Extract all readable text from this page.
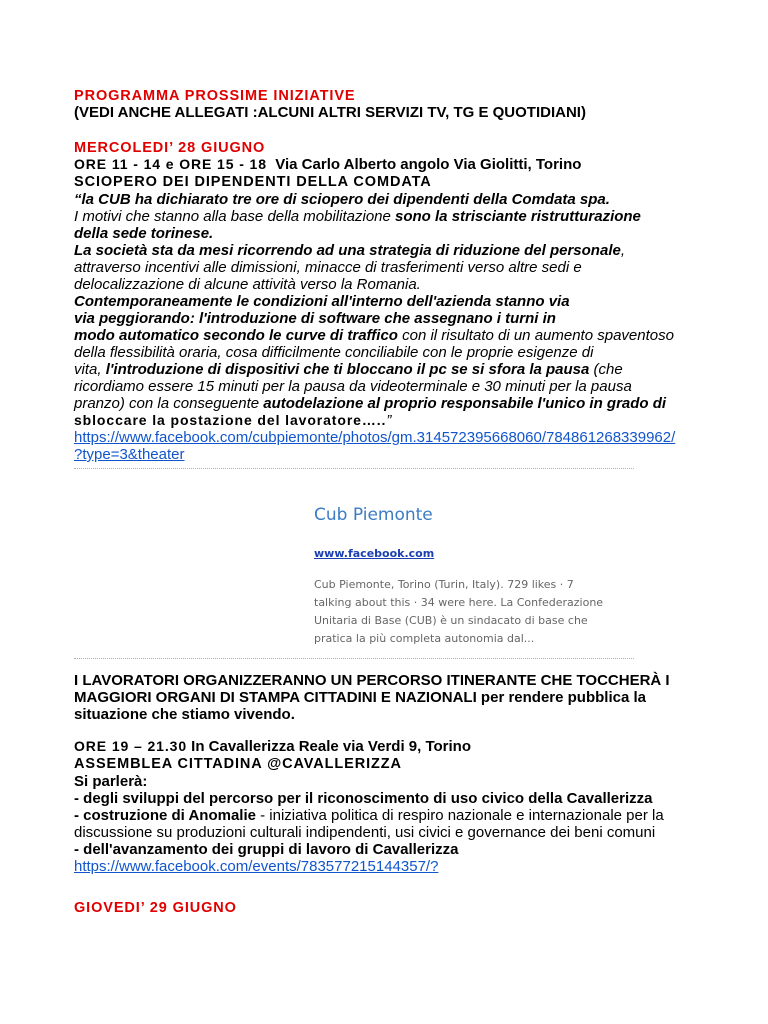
PROGRAMMA PROSSIME INIZIATIVE
(VEDI ANCHE ALLEGATI :ALCUNI ALTRI SERVIZI TV, TG E QUOTIDIANI)
MERCOLEDI’ 28 GIUGNO
ORE 11 - 14 e ORE 15 - 18 Via Carlo Alberto angolo Via Giolitti, Torino
SCIOPERO DEI DIPENDENTI DELLA COMDATA
“la CUB ha dichiarato tre ore di sciopero dei dipendenti della Comdata spa.
I motivi che stanno alla base della mobilitazione sono la strisciante ristrutturazione
della sede torinese.
La società sta da mesi ricorrendo ad una strategia di riduzione del personale,
attraverso incentivi alle dimissioni, minacce di trasferimenti verso altre sedi e
delocalizzazione di alcune attività verso la Romania.
Contemporaneamente le condizioni all'interno dell'azienda stanno via
via peggiorando: l'introduzione di software che assegnano i turni in
modo automatico secondo le curve di traffico con il risultato di un aumento spaventoso
della flessibilità oraria, cosa difficilmente conciliabile con le proprie esigenze di
vita, l'introduzione di dispositivi che ti bloccano il pc se si sfora la pausa (che
ricordiamo essere 15 minuti per la pausa da videoterminale e 30 minuti per la pausa
pranzo) con la conseguente autodelazione al proprio responsabile l'unico in grado di
sbloccare la postazione del lavoratore…..”
https://www.facebook.com/cubpiemonte/photos/gm.314572395668060/784861268339962/
?type=3&theater
Cub Piemonte
www.facebook.com
Cub Piemonte, Torino (Turin, Italy). 729 likes · 7
talking about this · 34 were here. La Confederazione
Unitaria di Base (CUB) è un sindacato di base che
pratica la più completa autonomia dal...
I LAVORATORI ORGANIZZERANNO UN PERCORSO ITINERANTE CHE TOCCHERÀ I
MAGGIORI ORGANI DI STAMPA CITTADINI E NAZIONALI per rendere pubblica la
situazione che stiamo vivendo.
ORE 19 – 21.30 In Cavallerizza Reale via Verdi 9, Torino
ASSEMBLEA CITTADINA @CAVALLERIZZA
Si parlerà:
- degli sviluppi del percorso per il riconoscimento di uso civico della Cavallerizza
- costruzione di Anomalie - iniziativa politica di respiro nazionale e internazionale per la
discussione su produzioni culturali indipendenti, usi civici e governance dei beni comuni
- dell'avanzamento dei gruppi di lavoro di Cavallerizza
https://www.facebook.com/events/783577215144357/?
GIOVEDI’ 29 GIUGNO
